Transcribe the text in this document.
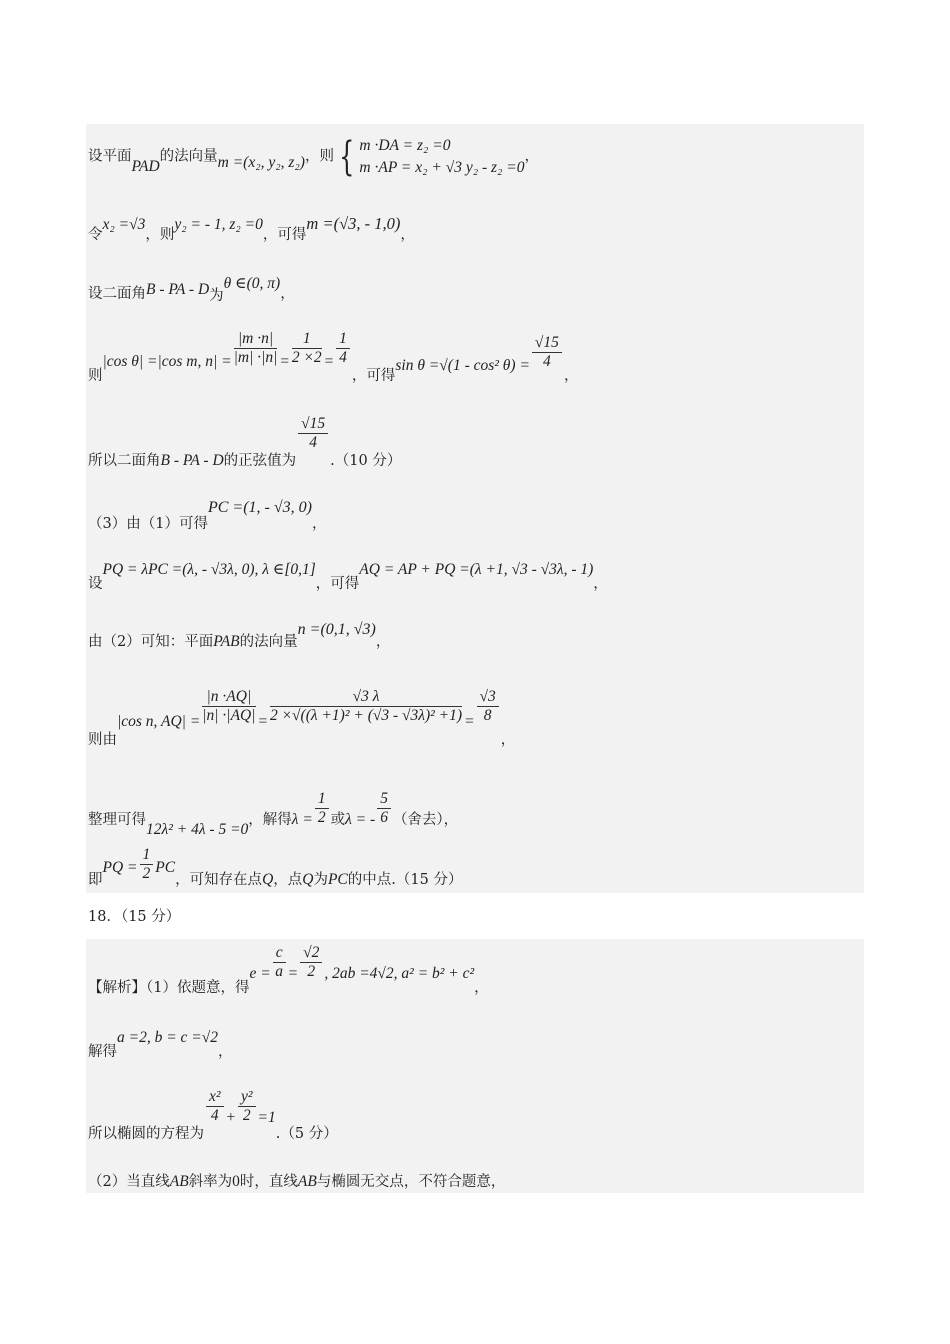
设平面PAD的法向量m =(x₂, y₂, z₂)，则 { m ·DA = z₂ =0
m ·AP = x₂ + √3 y₂ - z₂ =0
，
令x₂ =√3，则y₂ = - 1, z₂ =0，可得m =(√3, - 1,0)，
设二面角B - PA - D为θ ∈(0, π)，
则|cos θ| =|cos m, $n| = \frac{|m \cdot n|}{|m| \cdot|n|} = \frac{1}{2 \times 2} = \frac{1}{4}$
，可得sin θ =√(1 - cos² $\theta) = \frac{√15}{4}$
，
所以二面角B - PA - D的正弦值为
$\frac{√15}{4}$
.（10 分）
（3）由（1）可得PC =(1, - √3, 0)，
设PQ = λPC =(λ, - √3λ, 0), λ ∈[0,1]，可得AQ = AP + PQ =(λ +1, √3 - √3λ, - 1)，
由（2）可知：平面PAB的法向量n =(0,1, √3)，
则由|cos n, $AQ| = \frac{|n \cdot AQ|}{|n| \cdot|AQ|} = \frac{√3 \lambda}{\text{2 ×√((λ +1)² + (√3 - √3λ)² +1)}} = \frac{√3}{8}$
，
整理可得12λ² + 4λ - 5 =0，解得$\lambda = \frac{1}{2}$ 或λ = - $\frac{5}{6}$ （舍去），
即PQ = $\frac{1}{2}$ PC，可知存在点Q，点Q为PC的中点.（15 分）
18．（15 分）
【解析】（1）依题意，得$e = \frac{c}{a} = \frac{√2}{2}$ , 2ab =4√2, a² = b² + c²，
解得a =2, b = c =√2，
所以椭圆的方程为
$\frac{\text{x²}}{4} + \frac{\text{y²}}{2} =1.(5$ 分）
（2）当直线AB斜率为0时，直线AB与椭圆无交点，不符合题意，
